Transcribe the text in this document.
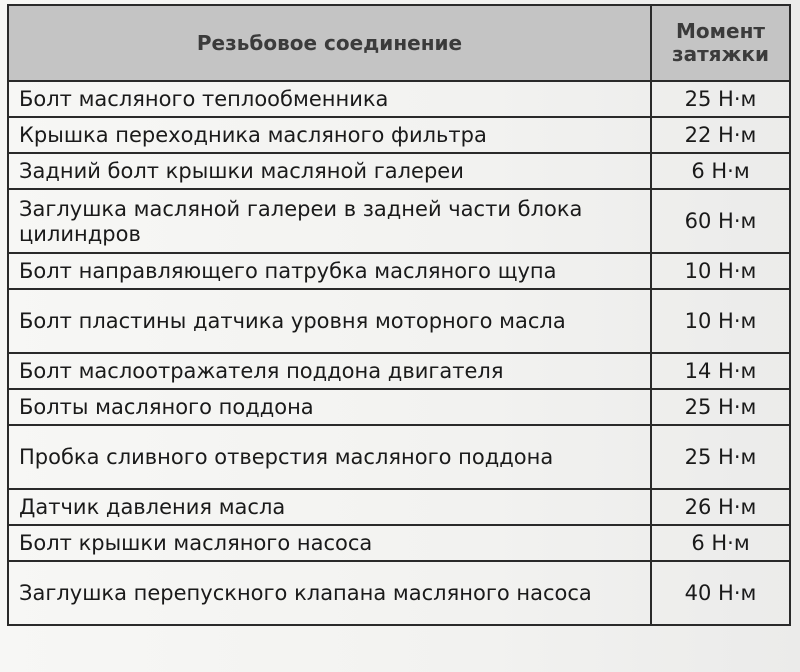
Резьбовое соединение	Момент
затяжки

Болт масляного теплообменника	25 Н·м
Крышка переходника масляного фильтра	22 Н·м
Задний болт крышки масляной галереи	6 Н·м
Заглушка масляной галереи в задней части блока цилиндров	60 Н·м
Болт направляющего патрубка масляного щупа	10 Н·м
Болт пластины датчика уровня моторного масла	10 Н·м
Болт маслоотражателя поддона двигателя	14 Н·м
Болты масляного поддона	25 Н·м
Пробка сливного отверстия масляного поддона	25 Н·м
Датчик давления масла	26 Н·м
Болт крышки масляного насоса	6 Н·м
Заглушка перепускного клапана масляного насоса	40 Н·м
